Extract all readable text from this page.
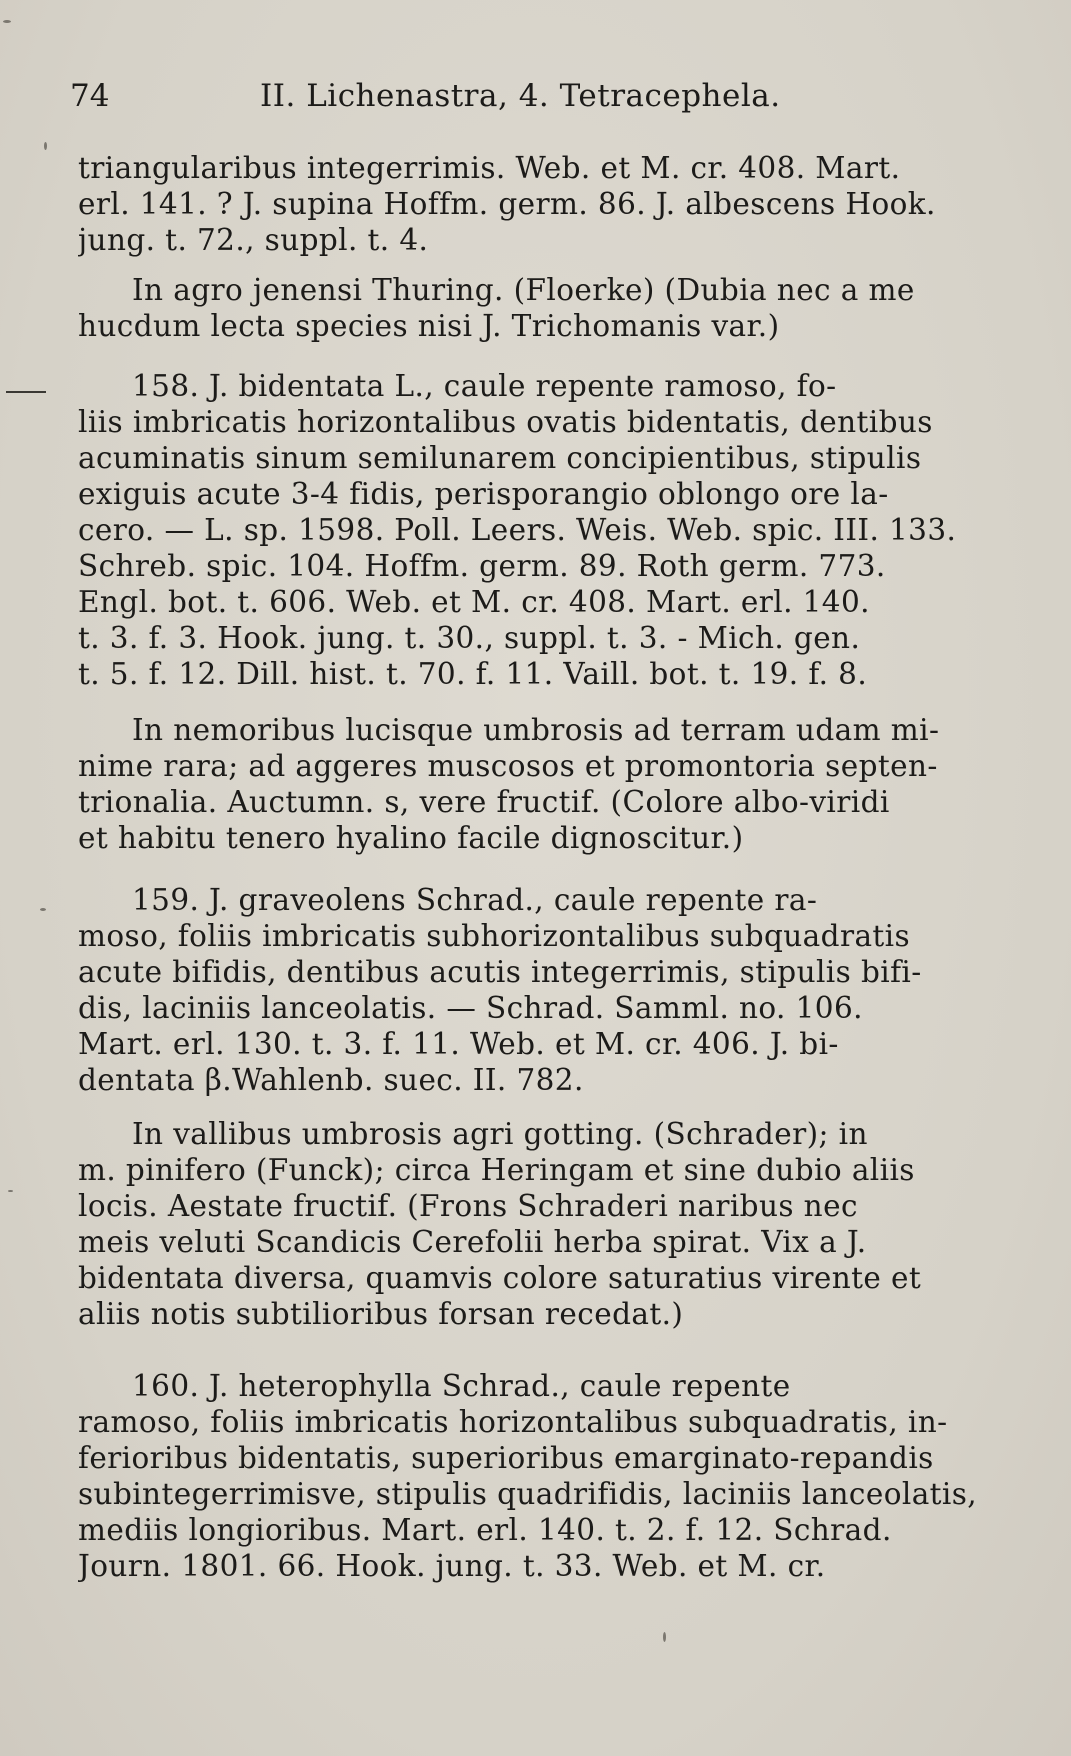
74	II. Lichenastra, 4. Tetracephela.
triangularibus integerrimis. Web. et M. cr. 408. Mart.
erl. 141. ? J. supina Hoffm. germ. 86. J. albescens Hook.
jung. t. 72., suppl. t. 4.
In agro jenensi Thuring. (Floerke) (Dubia nec a me
hucdum lecta species nisi J. Trichomanis var.)
158. J. bidentata L., caule repente ramoso, fo-
liis imbricatis horizontalibus ovatis bidentatis, dentibus
acuminatis sinum semilunarem concipientibus, stipulis
exiguis acute 3-4 fidis, perisporangio oblongo ore la-
cero. — L. sp. 1598. Poll. Leers. Weis. Web. spic. III. 133.
Schreb. spic. 104. Hoffm. germ. 89. Roth germ. 773.
Engl. bot. t. 606. Web. et M. cr. 408. Mart. erl. 140.
t. 3. f. 3. Hook. jung. t. 30., suppl. t. 3. - Mich. gen.
t. 5. f. 12. Dill. hist. t. 70. f. 11. Vaill. bot. t. 19. f. 8.
In nemoribus lucisque umbrosis ad terram udam mi-
nime rara; ad aggeres muscosos et promontoria septen-
trionalia. Auctumn. s, vere fructif. (Colore albo-viridi
et habitu tenero hyalino facile dignoscitur.)
159. J. graveolens Schrad., caule repente ra-
moso, foliis imbricatis subhorizontalibus subquadratis
acute bifidis, dentibus acutis integerrimis, stipulis bifi-
dis, laciniis lanceolatis. — Schrad. Samml. no. 106.
Mart. erl. 130. t. 3. f. 11. Web. et M. cr. 406. J. bi-
dentata β.Wahlenb. suec. II. 782.
In vallibus umbrosis agri gotting. (Schrader); in
m. pinifero (Funck); circa Heringam et sine dubio aliis
locis. Aestate fructif. (Frons Schraderi naribus nec
meis veluti Scandicis Cerefolii herba spirat. Vix a J.
bidentata diversa, quamvis colore saturatius virente et
aliis notis subtilioribus forsan recedat.)
160. J. heterophylla Schrad., caule repente
ramoso, foliis imbricatis horizontalibus subquadratis, in-
ferioribus bidentatis, superioribus emarginato-repandis
subintegerrimisve, stipulis quadrifidis, laciniis lanceolatis,
mediis longioribus. Mart. erl. 140. t. 2. f. 12. Schrad.
Journ. 1801. 66. Hook. jung. t. 33. Web. et M. cr.
